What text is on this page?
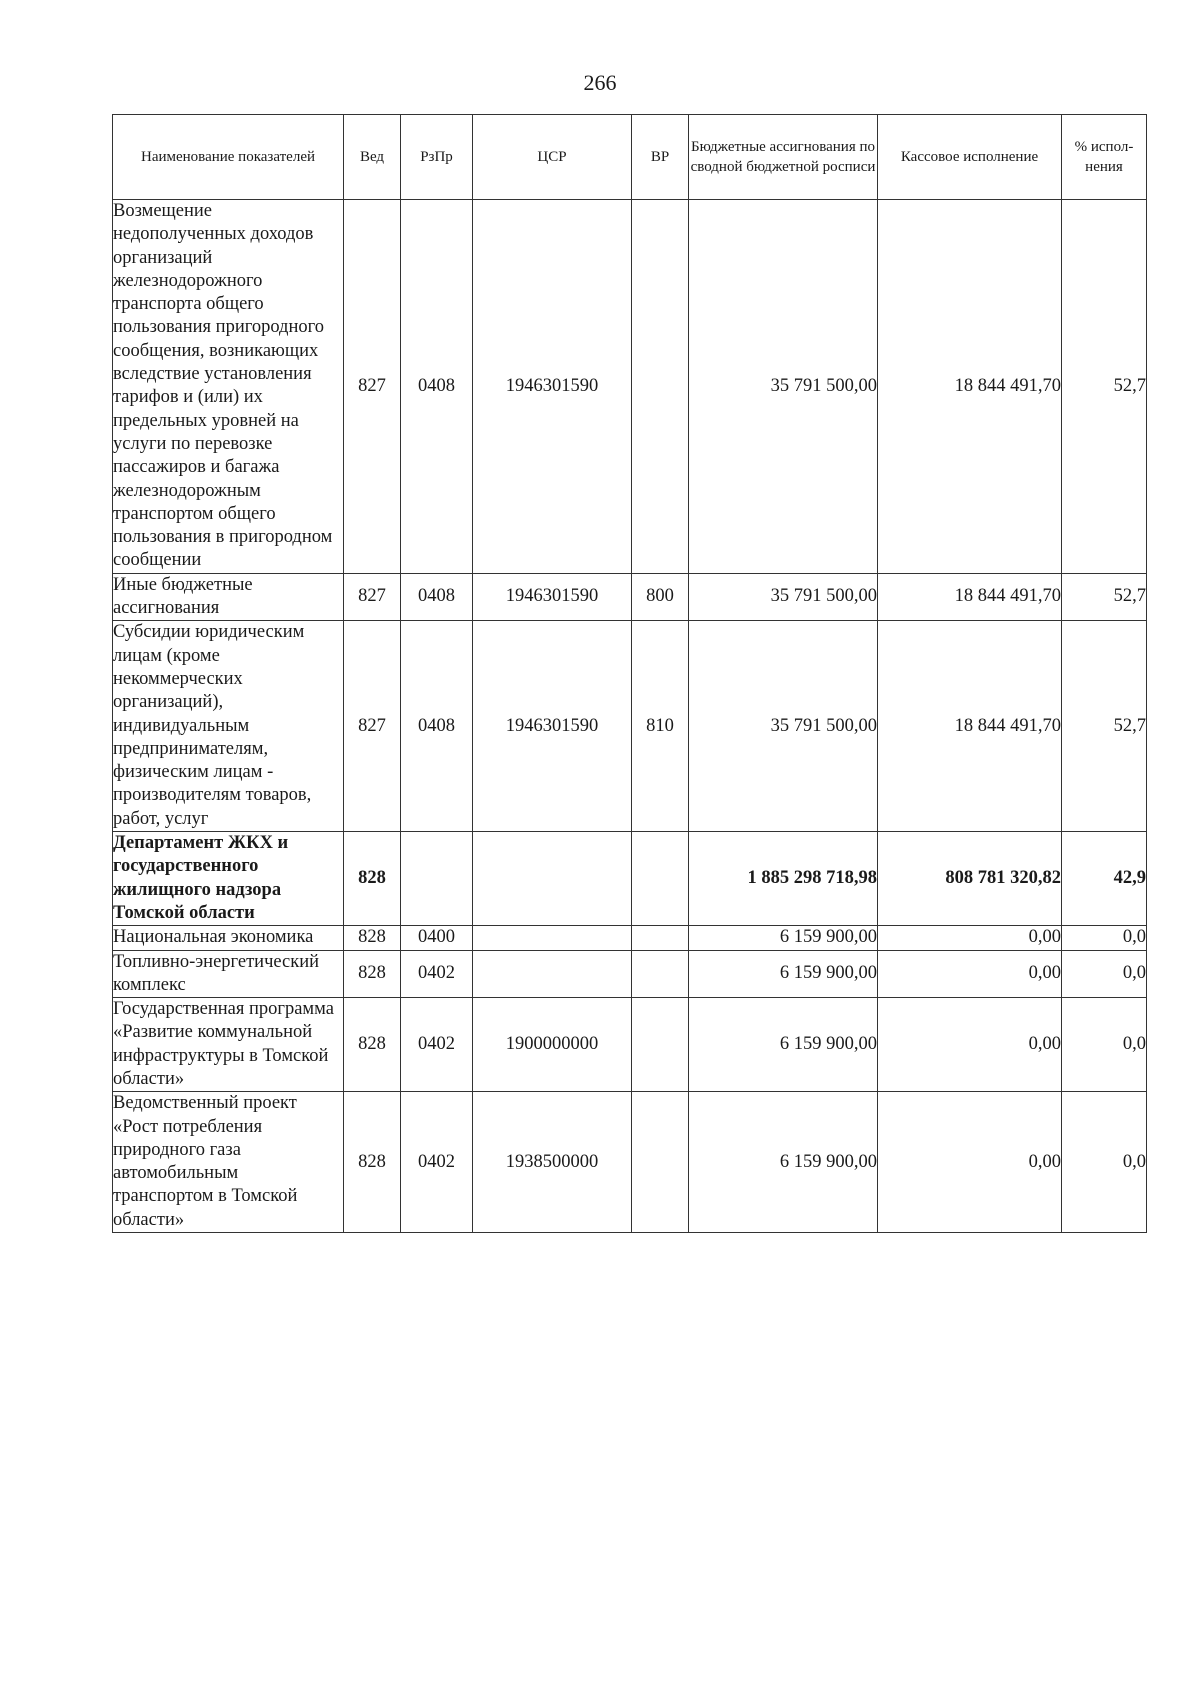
266
Наименование показателей	Вед	РзПр	ЦСР	ВР	Бюджетные ассигнования по сводной бюджетной росписи	Кассовое исполнение	% испол-нения
Возмещение недополученных доходов организаций железнодорожного транспорта общего пользования пригородного сообщения, возникающих вследствие установления тарифов и (или) их предельных уровней на услуги по перевозке пассажиров и багажа железнодорожным транспортом общего пользования в пригородном сообщении	827	0408	1946301590		35 791 500,00	18 844 491,70	52,7
Иные бюджетные ассигнования	827	0408	1946301590	800	35 791 500,00	18 844 491,70	52,7
Субсидии юридическим лицам (кроме некоммерческих организаций), индивидуальным предпринимателям, физическим лицам - производителям товаров, работ, услуг	827	0408	1946301590	810	35 791 500,00	18 844 491,70	52,7
Департамент ЖКХ и государственного жилищного надзора Томской области	828				1 885 298 718,98	808 781 320,82	42,9
Национальная экономика	828	0400			6 159 900,00	0,00	0,0
Топливно-энергетический комплекс	828	0402			6 159 900,00	0,00	0,0
Государственная программа «Развитие коммунальной инфраструктуры в Томской области»	828	0402	1900000000		6 159 900,00	0,00	0,0
Ведомственный проект «Рост потребления природного газа автомобильным транспортом в Томской области»	828	0402	1938500000		6 159 900,00	0,00	0,0
